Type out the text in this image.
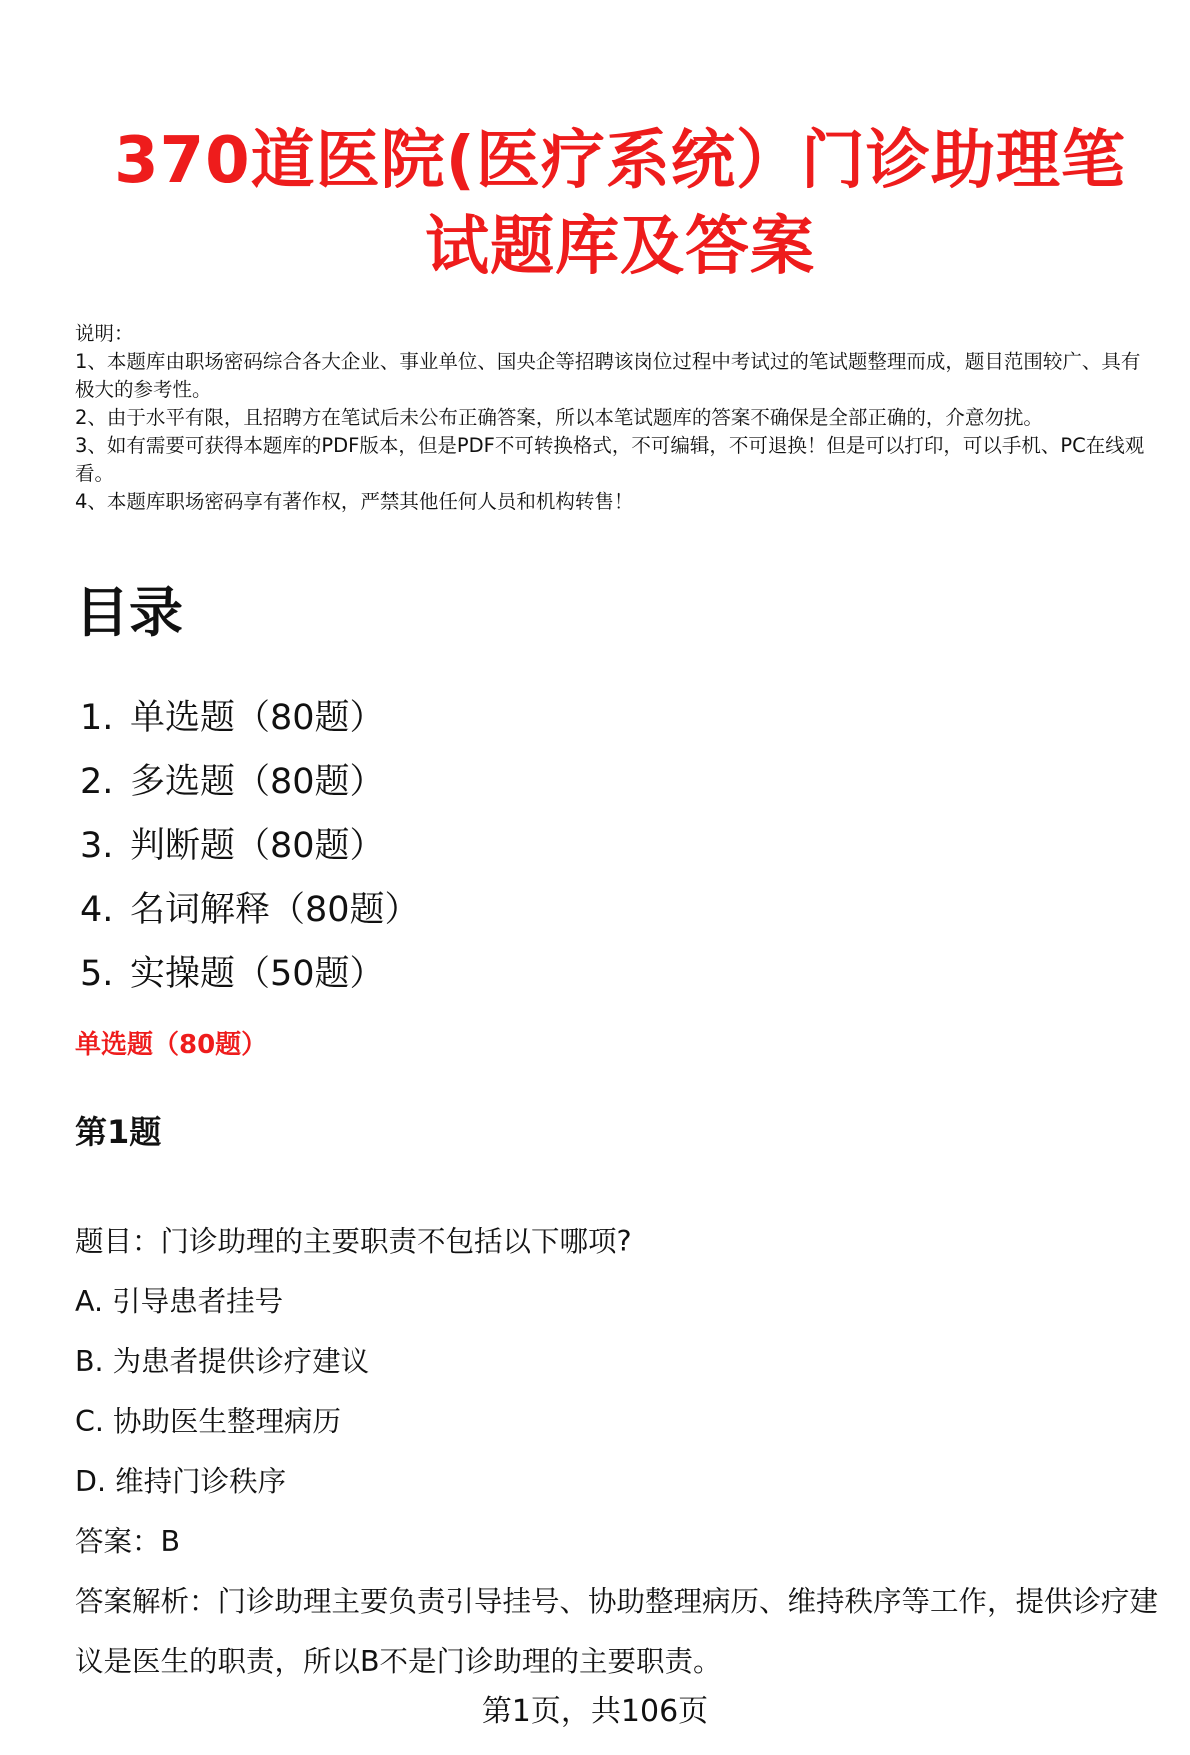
370道医院(医疗系统）门诊助理笔
试题库及答案
说明：
1、本题库由职场密码综合各大企业、事业单位、国央企等招聘该岗位过程中考试过的笔试题整理而成，题目范围较广、具有极大的参考性。
2、由于水平有限，且招聘方在笔试后未公布正确答案，所以本笔试题库的答案不确保是全部正确的，介意勿扰。
3、如有需要可获得本题库的PDF版本，但是PDF不可转换格式，不可编辑，不可退换！但是可以打印，可以手机、PC在线观看。
4、本题库职场密码享有著作权，严禁其他任何人员和机构转售！
目录
1. 单选题（80题）
2. 多选题（80题）
3. 判断题（80题）
4. 名词解释（80题）
5. 实操题（50题）
单选题（80题）
第1题
题目：门诊助理的主要职责不包括以下哪项?
A. 引导患者挂号
B. 为患者提供诊疗建议
C. 协助医生整理病历
D. 维持门诊秩序
答案：B
答案解析：门诊助理主要负责引导挂号、协助整理病历、维持秩序等工作，提供诊疗建议是医生的职责，所以B不是门诊助理的主要职责。
第1页，共106页
